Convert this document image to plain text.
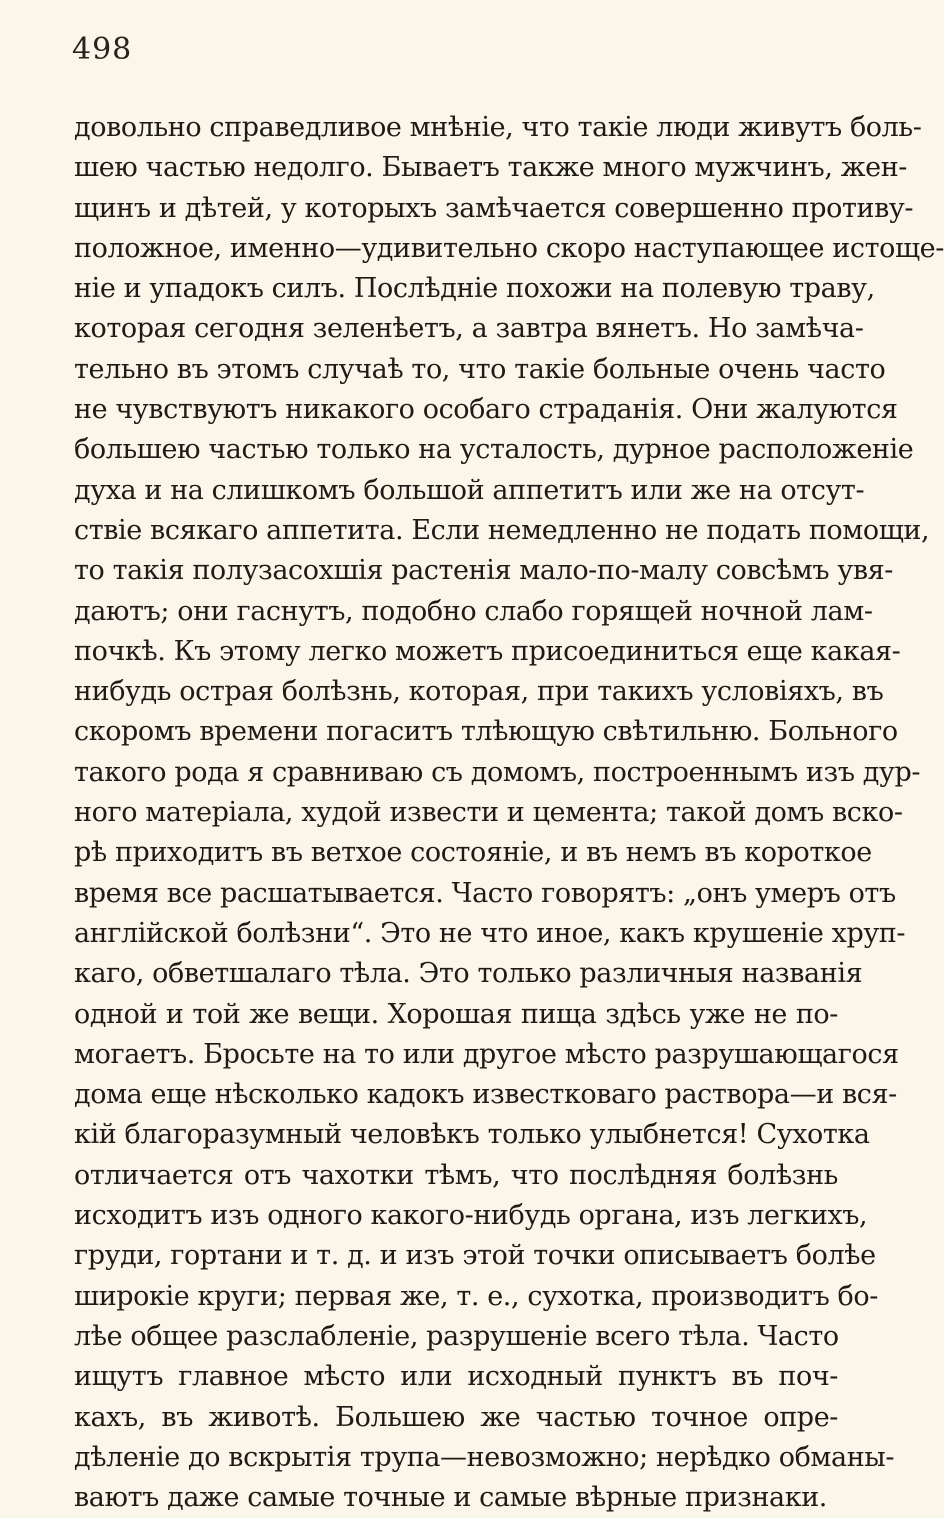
498
довольно справедливое мнѣніе, что такіе люди живутъ боль-
шею частью недолго. Бываетъ также много мужчинъ, жен-
щинъ и дѣтей, у которыхъ замѣчается совершенно противу-
положное, именно—удивительно скоро наступающее истоще-
ніе и упадокъ силъ. Послѣдніе похожи на полевую траву,
которая сегодня зеленѣетъ, а завтра вянетъ. Но замѣча-
тельно въ этомъ случаѣ то, что такіе больные очень часто
не чувствуютъ никакого особаго страданія. Они жалуются
большею частью только на усталость, дурное расположеніе
духа и на слишкомъ большой аппетитъ или же на отсут-
ствіе всякаго аппетита. Если немедленно не подать помощи,
то такія полузасохшія растенія мало-по-малу совсѣмъ увя-
даютъ; они гаснутъ, подобно слабо горящей ночной лам-
почкѣ. Къ этому легко можетъ присоединиться еще какая-
нибудь острая болѣзнь, которая, при такихъ условіяхъ, въ
скоромъ времени погаситъ тлѣющую свѣтильню. Больного
такого рода я сравниваю съ домомъ, построеннымъ изъ дур-
ного матеріала, худой извести и цемента; такой домъ вско-
рѣ приходитъ въ ветхое состояніе, и въ немъ въ короткое
время все расшатывается. Часто говорятъ: „онъ умеръ отъ
англійской болѣзни“. Это не что иное, какъ крушеніе хруп-
каго, обветшалаго тѣла. Это только различныя названія
одной и той же вещи. Хорошая пища здѣсь уже не по-
могаетъ. Бросьте на то или другое мѣсто разрушающагося
дома еще нѣсколько кадокъ известковаго раствора—и вся-
кій благоразумный человѣкъ только улыбнется! Сухотка
отличается отъ чахотки тѣмъ, что послѣдняя болѣзнь
исходитъ изъ одного какого-нибудь органа, изъ легкихъ,
груди, гортани и т. д. и изъ этой точки описываетъ болѣе
широкіе круги; первая же, т. е., сухотка, производитъ бо-
лѣе общее разслабленіе, разрушеніе всего тѣла. Часто
ищутъ главное мѣсто или исходный пунктъ въ поч-
кахъ, въ животѣ. Большею же частью точное опре-
дѣленіе до вскрытія трупа—невозможно; нерѣдко обманы-
ваютъ даже самые точные и самые вѣрные признаки.
